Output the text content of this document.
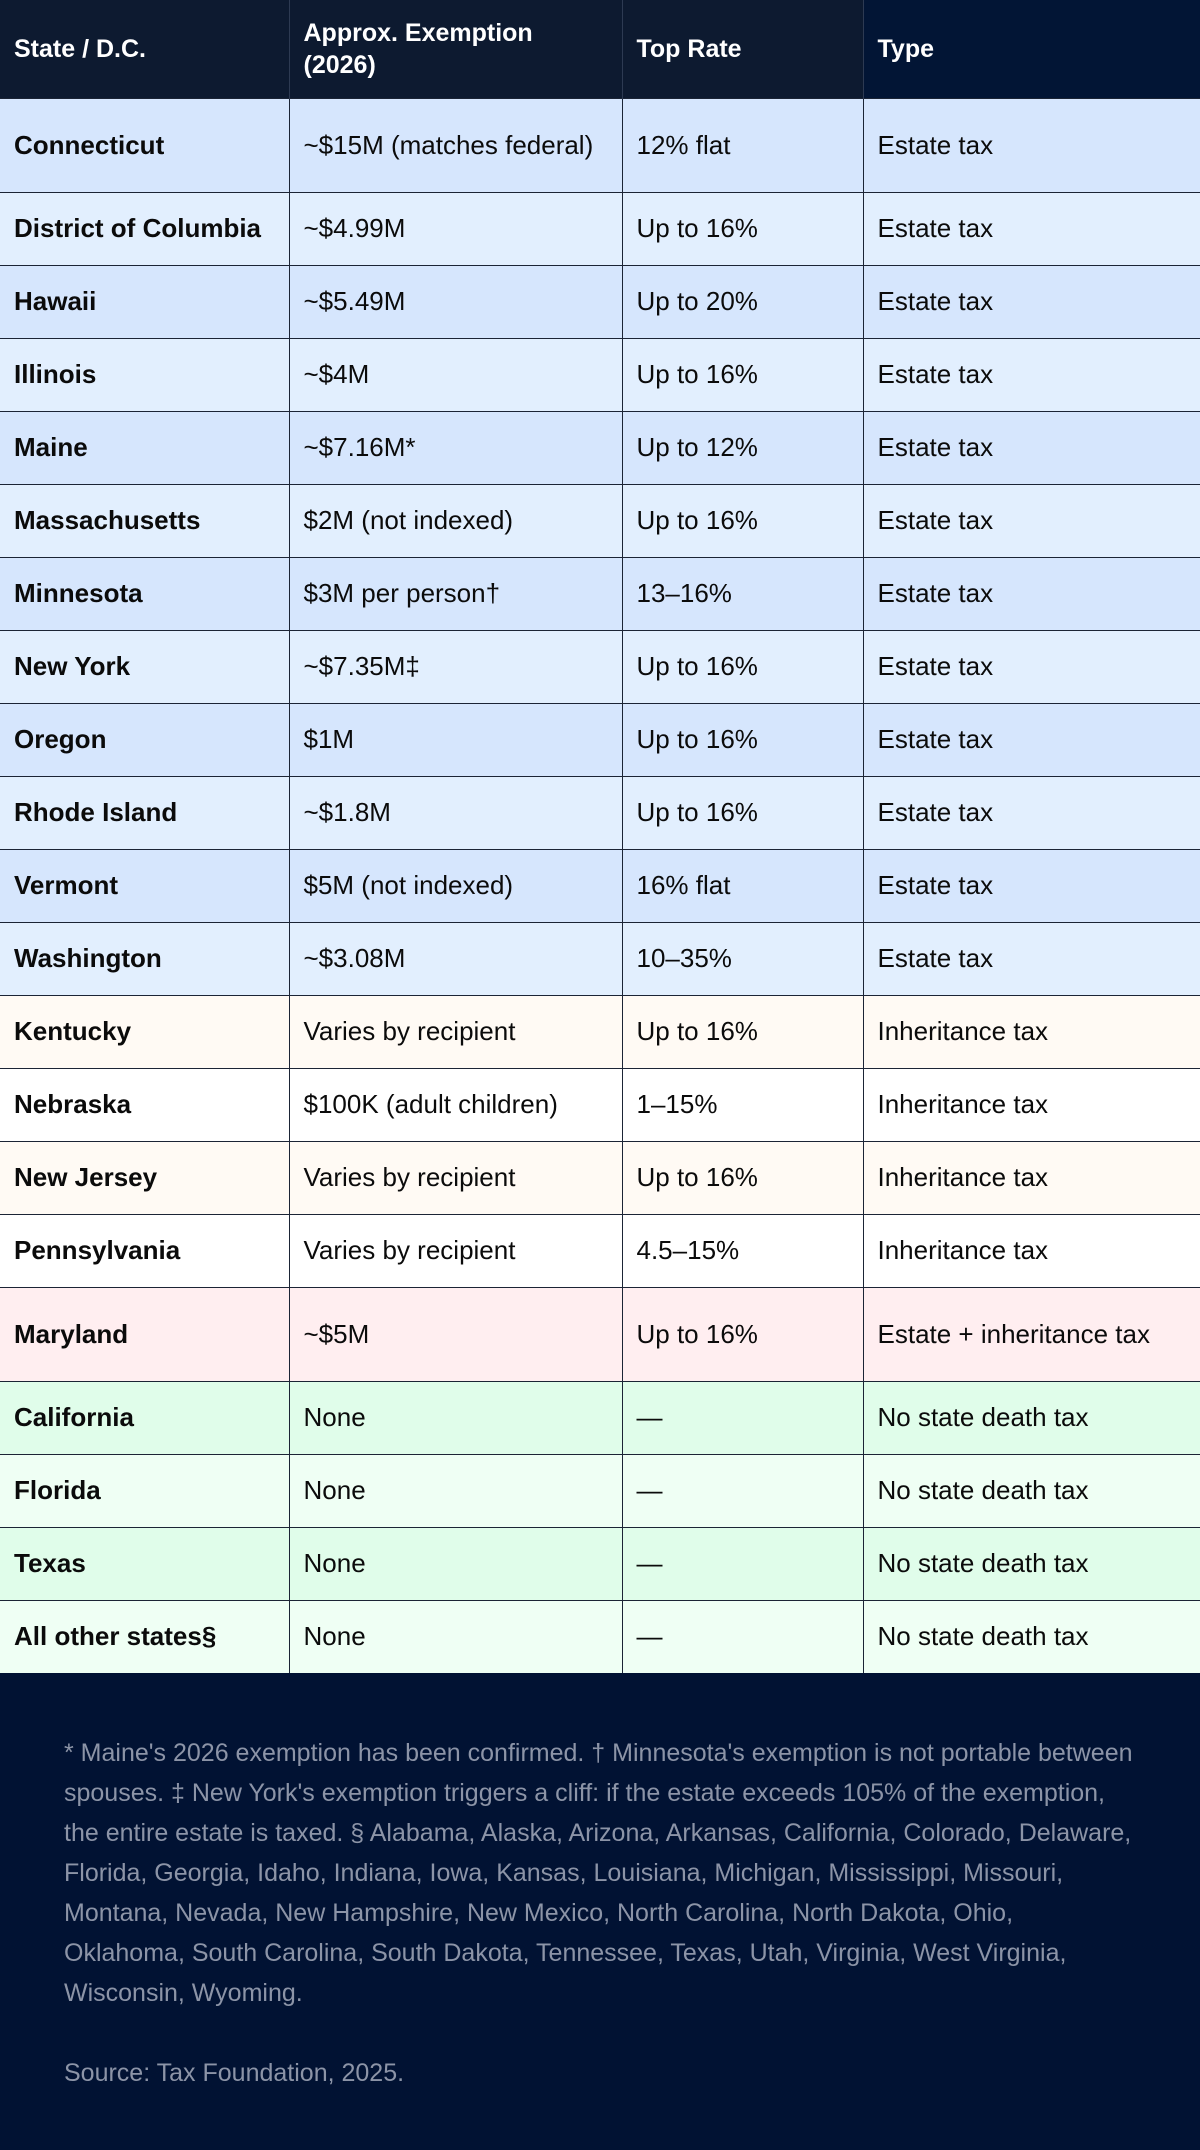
State / D.C.	Approx. Exemption (2026)	Top Rate	Type
Connecticut	~$15M (matches federal)	12% flat	Estate tax
District of Columbia	~$4.99M	Up to 16%	Estate tax
Hawaii	~$5.49M	Up to 20%	Estate tax
Illinois	~$4M	Up to 16%	Estate tax
Maine	~$7.16M*	Up to 12%	Estate tax
Massachusetts	$2M (not indexed)	Up to 16%	Estate tax
Minnesota	$3M per person†	13–16%	Estate tax
New York	~$7.35M‡	Up to 16%	Estate tax
Oregon	$1M	Up to 16%	Estate tax
Rhode Island	~$1.8M	Up to 16%	Estate tax
Vermont	$5M (not indexed)	16% flat	Estate tax
Washington	~$3.08M	10–35%	Estate tax
Kentucky	Varies by recipient	Up to 16%	Inheritance tax
Nebraska	$100K (adult children)	1–15%	Inheritance tax
New Jersey	Varies by recipient	Up to 16%	Inheritance tax
Pennsylvania	Varies by recipient	4.5–15%	Inheritance tax
Maryland	~$5M	Up to 16%	Estate + inheritance tax
California	None	—	No state death tax
Florida	None	—	No state death tax
Texas	None	—	No state death tax
All other states§	None	—	No state death tax

* Maine's 2026 exemption has been confirmed. † Minnesota's exemption is not portable between spouses. ‡ New York's exemption triggers a cliff: if the estate exceeds 105% of the exemption, the entire estate is taxed. § Alabama, Alaska, Arizona, Arkansas, California, Colorado, Delaware, Florida, Georgia, Idaho, Indiana, Iowa, Kansas, Louisiana, Michigan, Mississippi, Missouri, Montana, Nevada, New Hampshire, New Mexico, North Carolina, North Dakota, Ohio, Oklahoma, South Carolina, South Dakota, Tennessee, Texas, Utah, Virginia, West Virginia, Wisconsin, Wyoming.

Source: Tax Foundation, 2025.
